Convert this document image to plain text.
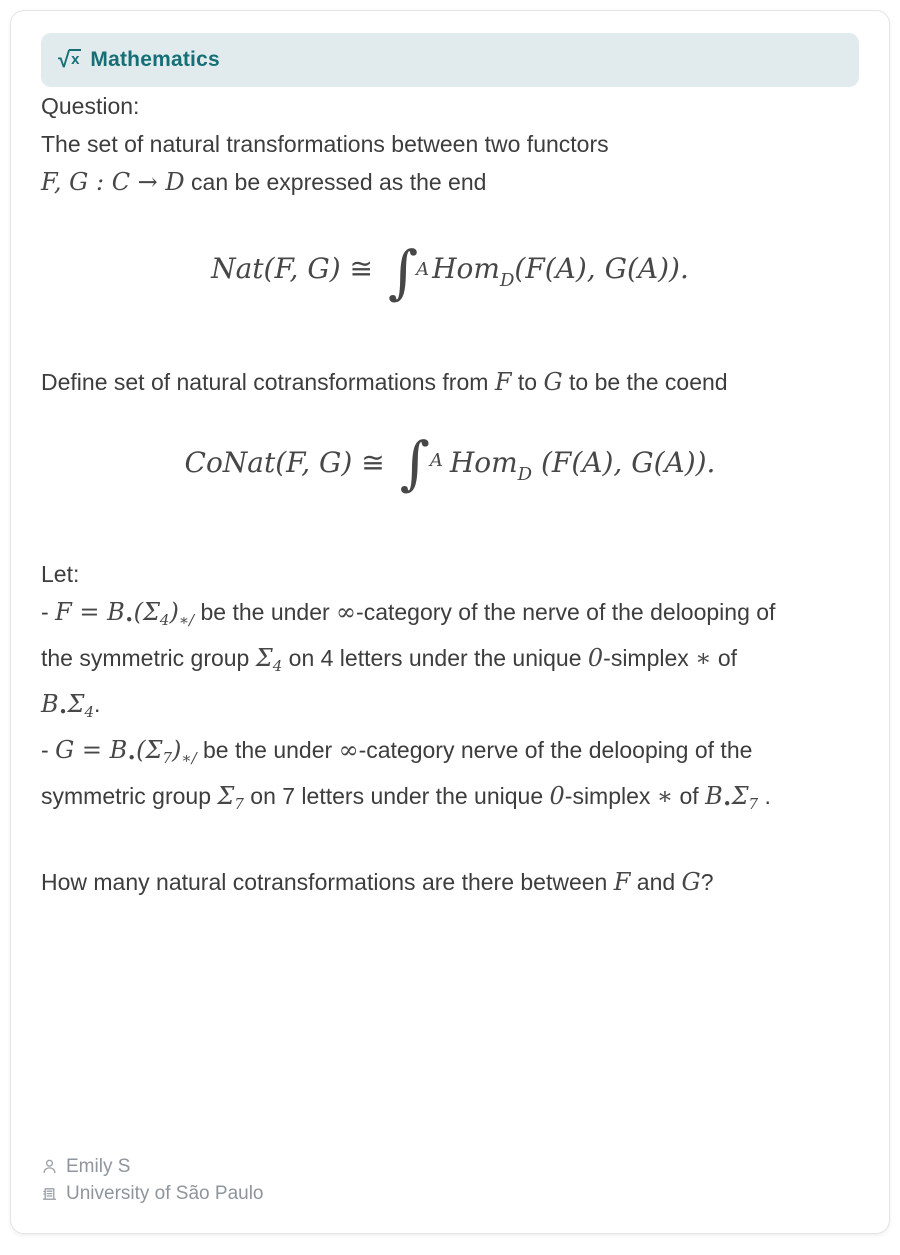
√ x Mathematics

Question:

The set of natural transformations between two functors F, G : C → D can be expressed as the end

Nat(F, G) ≅ ∫
A Hom$_D$(F(A), G(A)).

Define set of natural cotransformations from F to G to be the coend

CoNat(F, G) ≅ ∫ A Hom$_D$ (F(A), G(A)).

Let:

- $F = B_•(\Sigma_4)_{∗/}$ be the under ∞-category of the nerve of the delooping of the symmetric group $\Sigma_4$ on 4 letters under the unique 0-simplex ∗ of $B_•\Sigma_4$.

- $G = B_•(\Sigma_7)_{∗/}$ be the under ∞-category nerve of the delooping of the symmetric group $\Sigma_7$ on 7 letters under the unique 0-simplex ∗ of $B_•\Sigma_7$ .

How many natural cotransformations are there between F and G?

Emily S
University of São Paulo
